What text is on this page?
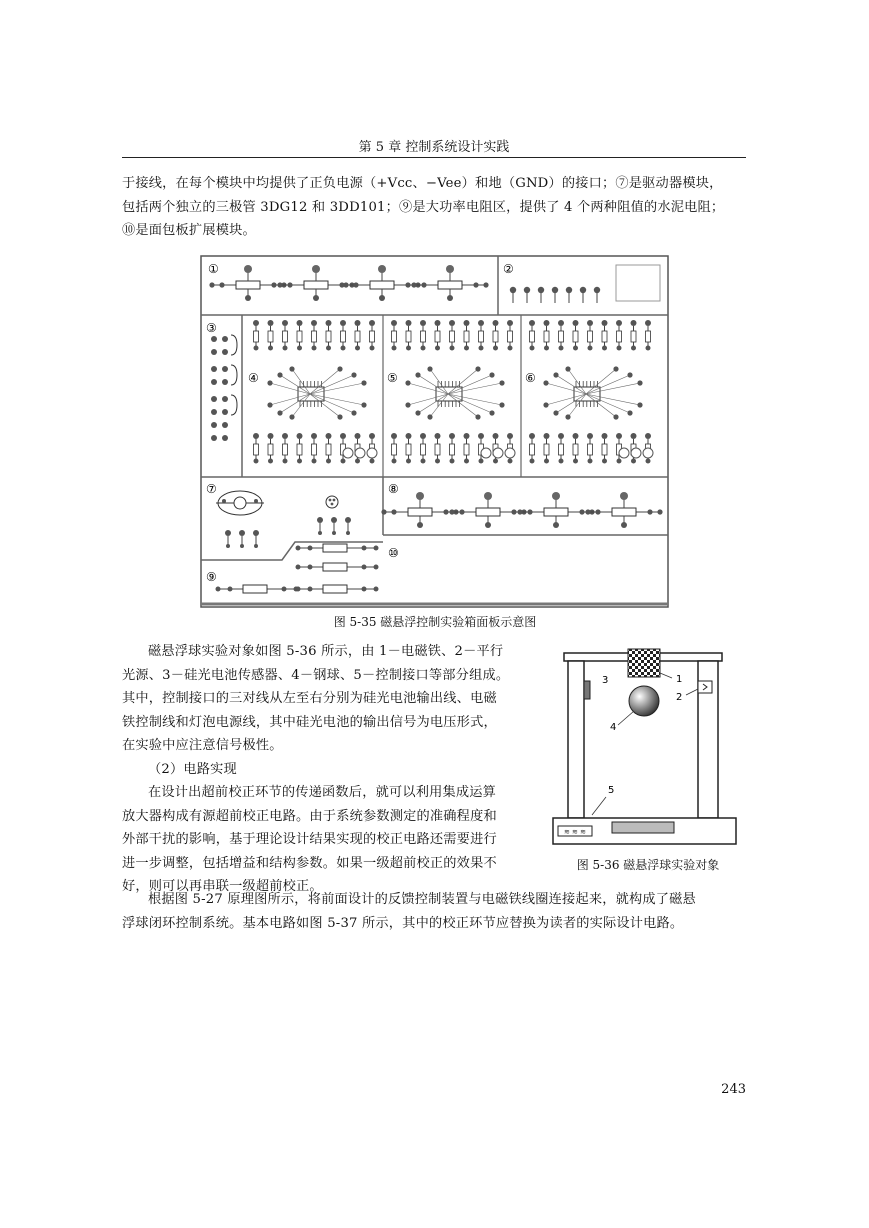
第 5 章 控制系统设计实践
于接线，在每个模块中均提供了正负电源（+Vcc、−Vee）和地（GND）的接口；⑦是驱动器模块，
包括两个独立的三极管 3DG12 和 3DD101；⑨是大功率电阻区，提供了 4 个两种阻值的水泥电阻；
⑩是面包板扩展模块。
①	②
③
④	⑤	⑥
⑦	⑧
⑨
⑩
图 5-35 磁悬浮控制实验箱面板示意图
磁悬浮球实验对象如图 5-36 所示，由 1－电磁铁、2－平行
光源、3－硅光电池传感器、4－钢球、5－控制接口等部分组成。
其中，控制接口的三对线从左至右分别为硅光电池输出线、电磁
铁控制线和灯泡电源线，其中硅光电池的输出信号为电压形式，
在实验中应注意信号极性。
（2）电路实现
在设计出超前校正环节的传递函数后，就可以利用集成运算
放大器构成有源超前校正电路。由于系统参数测定的准确程度和
外部干扰的影响，基于理论设计结果实现的校正电路还需要进行
进一步调整，包括增益和结构参数。如果一级超前校正的效果不
好，则可以再串联一级超前校正。
≋ ≋ ≋
1
2
3
4
5
图 5-36 磁悬浮球实验对象
根据图 5-27 原理图所示，将前面设计的反馈控制装置与电磁铁线圈连接起来，就构成了磁悬
浮球闭环控制系统。基本电路如图 5-37 所示，其中的校正环节应替换为读者的实际设计电路。
243
